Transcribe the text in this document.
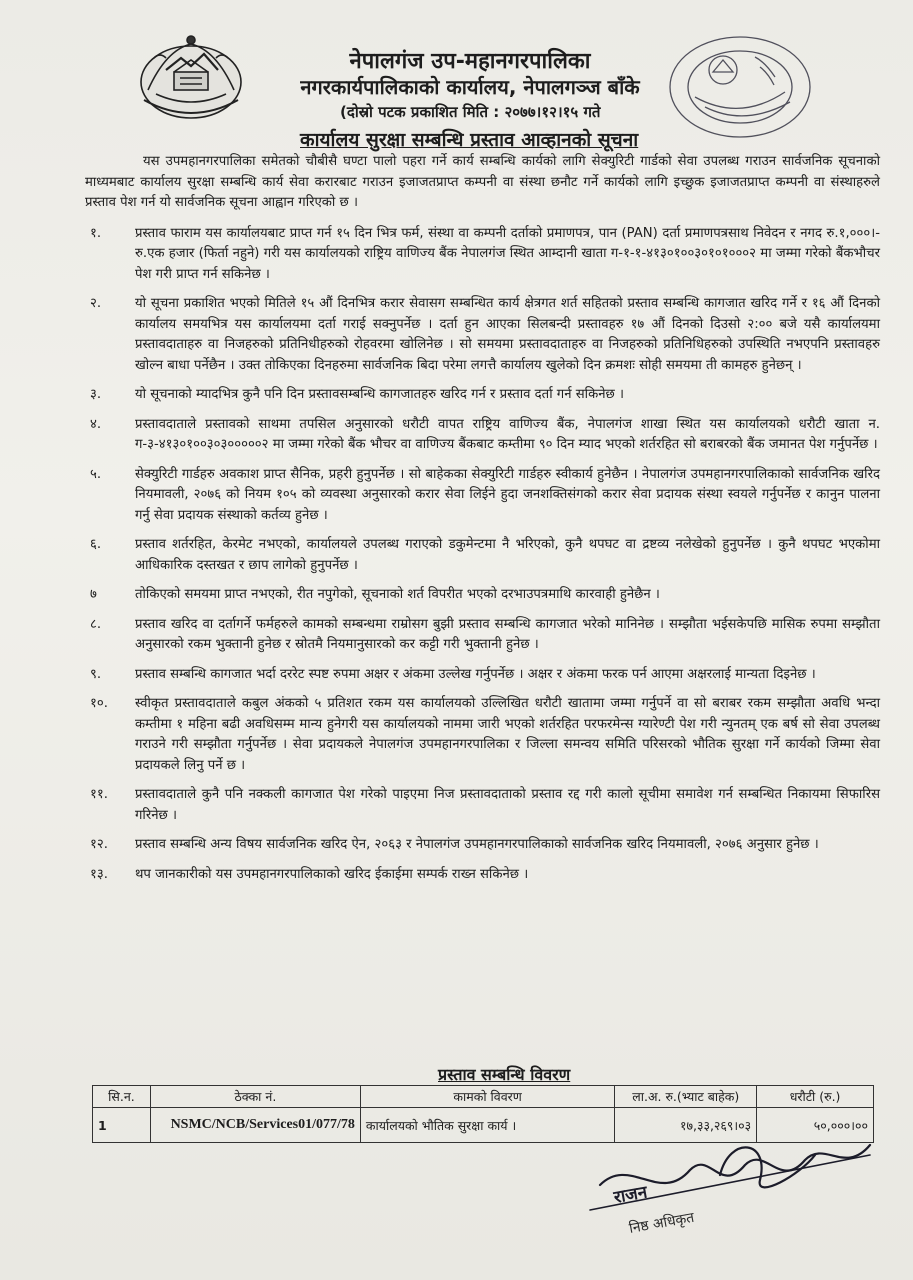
नेपालगंज उप-महानगरपालिका
नगरकार्यपालिकाको कार्यालय, नेपालगञ्ज बाँके
(दोस्रो पटक प्रकाशित मिति : २०७७।१२।१५ गते
कार्यालय सुरक्षा सम्बन्धि प्रस्ताव आव्हानको सूचना

यस उपमहानगरपालिका समेतको चौबीसै घण्टा पालो पहरा गर्ने कार्य सम्बन्धि कार्यको लागि सेक्युरिटी गार्डको सेवा उपलब्ध गराउन सार्वजनिक सूचनाको माध्यमबाट कार्यालय सुरक्षा सम्बन्धि कार्य सेवा करारबाट गराउन इजाजतप्राप्त कम्पनी वा संस्था छनौट गर्ने कार्यको लागि इच्छुक इजाजतप्राप्त कम्पनी वा संस्थाहरुले प्रस्ताव पेश गर्न यो सार्वजनिक सूचना आह्वान गरिएको छ ।

१.	प्रस्ताव फाराम यस कार्यालयबाट प्राप्त गर्न १५ दिन भित्र फर्म, संस्था वा कम्पनी दर्ताको प्रमाणपत्र, पान (PAN) दर्ता प्रमाणपत्रसाथ निवेदन र नगद रु.१,०००।- रु.एक हजार (फिर्ता नहुने) गरी यस कार्यालयको राष्ट्रिय वाणिज्य बैंक नेपालगंज स्थित आम्दानी खाता ग-१-१-४१३०१००३०१०१०००२ मा जम्मा गरेको बैंकभौचर पेश गरी प्राप्त गर्न सकिनेछ ।
२.	यो सूचना प्रकाशित भएको मितिले १५ औं दिनभित्र करार सेवासग सम्बन्धित कार्य क्षेत्रगत शर्त सहितको प्रस्ताव सम्बन्धि कागजात खरिद गर्ने र १६ औं दिनको कार्यालय समयभित्र यस कार्यालयमा दर्ता गराई सक्नुपर्नेछ । दर्ता हुन आएका सिलबन्दी प्रस्तावहरु १७ औं दिनको दिउसो २:०० बजे यसै कार्यालयमा प्रस्तावदाताहरु वा निजहरुको प्रतिनिधीहरुको रोहवरमा खोलिनेछ । सो समयमा प्रस्तावदाताहरु वा निजहरुको प्रतिनिधिहरुको उपस्थिति नभएपनि प्रस्तावहरु खोल्न बाधा पर्नेछैन । उक्त तोकिएका दिनहरुमा सार्वजनिक बिदा परेमा लगत्तै कार्यालय खुलेको दिन क्रमशः सोही समयमा ती कामहरु हुनेछन् ।
३.	यो सूचनाको म्यादभित्र कुनै पनि दिन प्रस्तावसम्बन्धि कागजातहरु खरिद गर्न र प्रस्ताव दर्ता गर्न सकिनेछ ।
४.	प्रस्तावदाताले प्रस्तावको साथमा तपसिल अनुसारको धरौटी वापत राष्ट्रिय वाणिज्य बैंक, नेपालगंज शाखा स्थित यस कार्यालयको धरौटी खाता न. ग-३-४१३०१००३०३०००००२ मा जम्मा गरेको बैंक भौचर वा वाणिज्य बैंकबाट कम्तीमा ९० दिन म्याद भएको शर्तरहित सो बराबरको बैंक जमानत पेश गर्नुपर्नेछ ।
५.	सेक्युरिटी गार्डहरु अवकाश प्राप्त सैनिक, प्रहरी हुनुपर्नेछ । सो बाहेकका सेक्युरिटी गार्डहरु स्वीकार्य हुनेछैन । नेपालगंज उपमहानगरपालिकाको सार्वजनिक खरिद नियमावली, २०७६ को नियम १०५ को व्यवस्था अनुसारको करार सेवा लिईने हुदा जनशक्तिसंगको करार सेवा प्रदायक संस्था स्वयले गर्नुपर्नेछ र कानुन पालना गर्नु सेवा प्रदायक संस्थाको कर्तव्य हुनेछ ।
६.	प्रस्ताव शर्तरहित, केरमेट नभएको, कार्यालयले उपलब्ध गराएको डकुमेन्टमा नै भरिएको, कुनै थपघट वा द्रष्टव्य नलेखेको हुनुपर्नेछ । कुनै थपघट भएकोमा आधिकारिक दस्तखत र छाप लागेको हुनुपर्नेछ ।
७	तोकिएको समयमा प्राप्त नभएको, रीत नपुगेको, सूचनाको शर्त विपरीत भएको दरभाउपत्रमाथि कारवाही हुनेछैन ।
८.	प्रस्ताव खरिद वा दर्तागर्ने फर्महरुले कामको सम्बन्धमा राम्रोसग बुझी प्रस्ताव सम्बन्धि कागजात भरेको मानिनेछ । सम्झौता भईसकेपछि मासिक रुपमा सम्झौता अनुसारको रकम भुक्तानी हुनेछ र स्रोतमै नियमानुसारको कर कट्टी गरी भुक्तानी हुनेछ ।
९.	प्रस्ताव सम्बन्धि कागजात भर्दा दररेट स्पष्ट रुपमा अक्षर र अंकमा उल्लेख गर्नुपर्नेछ । अक्षर र अंकमा फरक पर्न आएमा अक्षरलाई मान्यता दिइनेछ ।
१०.	स्वीकृत प्रस्तावदाताले कबुल अंकको ५ प्रतिशत रकम यस कार्यालयको उल्लिखित धरौटी खातामा जम्मा गर्नुपर्ने वा सो बराबर रकम सम्झौता अवधि भन्दा कम्तीमा १ महिना बढी अवधिसम्म मान्य हुनेगरी यस कार्यालयको नाममा जारी भएको शर्तरहित परफरमेन्स ग्यारेण्टी पेश गरी न्युनतम् एक बर्ष सो सेवा उपलब्ध गराउने गरी सम्झौता गर्नुपर्नेछ । सेवा प्रदायकले नेपालगंज उपमहानगरपालिका र जिल्ला समन्वय समिति परिसरको भौतिक सुरक्षा गर्ने कार्यको जिम्मा सेवा प्रदायकले लिनु पर्ने छ ।
११.	प्रस्तावदाताले कुनै पनि नक्कली कागजात पेश गरेको पाइएमा निज प्रस्तावदाताको प्रस्ताव रद्द गरी कालो सूचीमा समावेश गर्न सम्बन्धित निकायमा सिफारिस गरिनेछ ।
१२.	प्रस्ताव सम्बन्धि अन्य विषय सार्वजनिक खरिद ऐन, २०६३ र नेपालगंज उपमहानगरपालिकाको सार्वजनिक खरिद नियमावली, २०७६ अनुसार हुनेछ ।
१३.	थप जानकारीको यस उपमहानगरपालिकाको खरिद ईकाईमा सम्पर्क राख्न सकिनेछ ।
प्रस्ताव सम्बन्धि विवरण
सि.न.	ठेक्का नं.	कामको विवरण	ला.अ. रु.(भ्याट बाहेक)	धरौटी (रु.)
1	NSMC/NCB/Services01/077/78	कार्यालयको भौतिक सुरक्षा कार्य ।	१७,३३,२६९।०३	५०,०००।००
राजन
निष्ठ अधिकृत
